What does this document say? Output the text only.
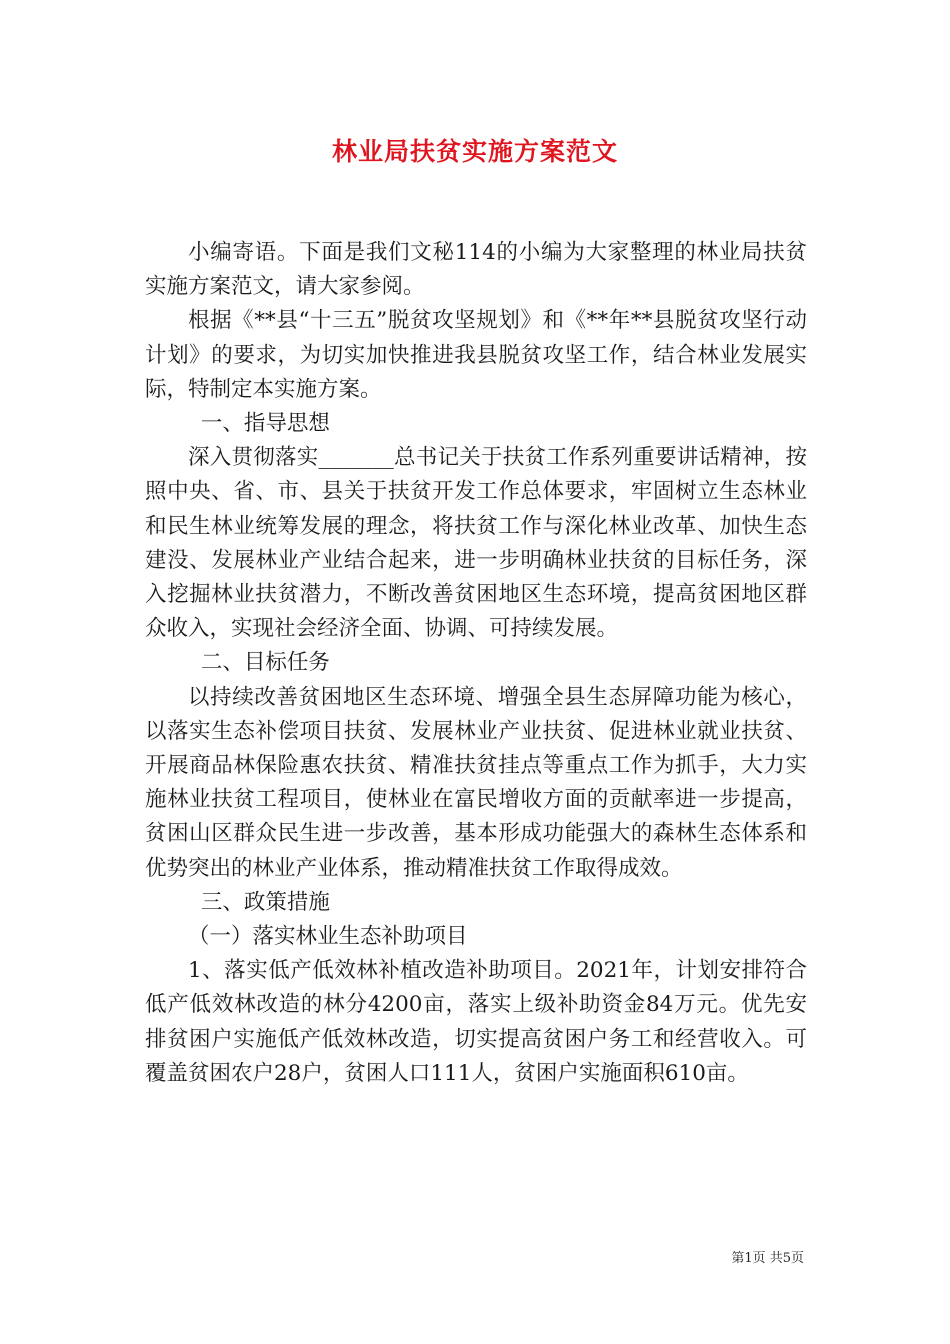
林业局扶贫实施方案范文

小编寄语。下面是我们文秘114的小编为大家整理的林业局扶贫实施方案范文，请大家参阅。

根据《**县“十三五”脱贫攻坚规划》和《**年**县脱贫攻坚行动计划》的要求，为切实加快推进我县脱贫攻坚工作，结合林业发展实际，特制定本实施方案。

一、指导思想

深入贯彻落实_______总书记关于扶贫工作系列重要讲话精神，按照中央、省、市、县关于扶贫开发工作总体要求，牢固树立生态林业和民生林业统筹发展的理念，将扶贫工作与深化林业改革、加快生态建没、发展林业产业结合起来，进一步明确林业扶贫的目标任务，深入挖掘林业扶贫潜力，不断改善贫困地区生态环境，提高贫困地区群众收入，实现社会经济全面、协调、可持续发展。

二、目标任务

以持续改善贫困地区生态环境、增强全县生态屏障功能为核心，以落实生态补偿项目扶贫、发展林业产业扶贫、促进林业就业扶贫、开展商品林保险惠农扶贫、精准扶贫挂点等重点工作为抓手，大力实施林业扶贫工程项目，使林业在富民增收方面的贡献率进一步提高，贫困山区群众民生进一步改善，基本形成功能强大的森林生态体系和优势突出的林业产业体系，推动精准扶贫工作取得成效。

三、政策措施

（一）落实林业生态补助项目

1、落实低产低效林补植改造补助项目。2021年，计划安排符合低产低效林改造的林分4200亩，落实上级补助资金84万元。优先安排贫困户实施低产低效林改造，切实提高贫困户务工和经营收入。可覆盖贫困农户28户，贫困人口111人，贫困户实施面积610亩。

第1页 共5页
